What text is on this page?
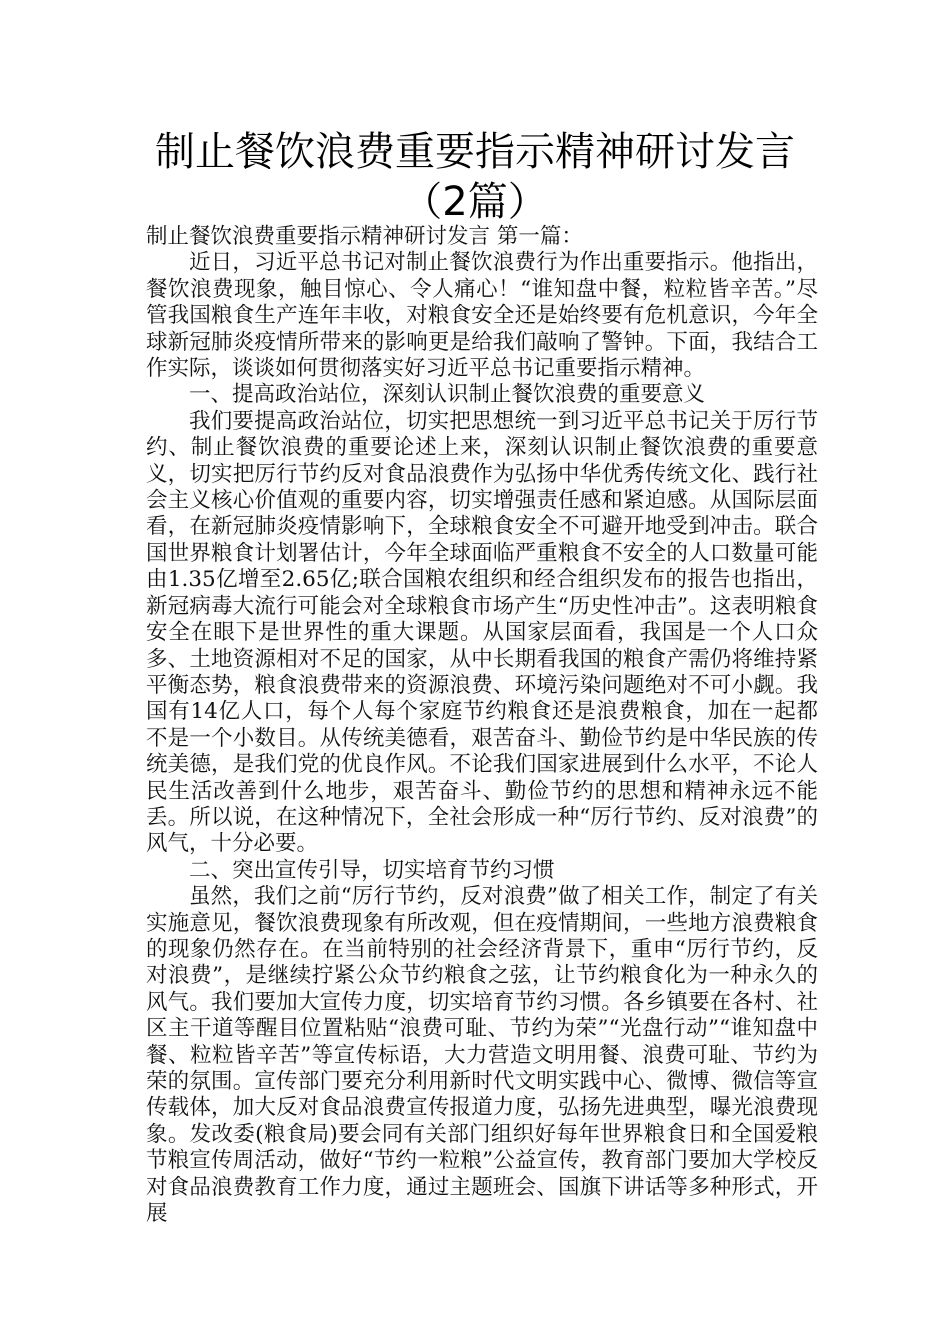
制止餐饮浪费重要指示精神研讨发言
（2篇）

制止餐饮浪费重要指示精神研讨发言 第一篇：

近日，习近平总书记对制止餐饮浪费行为作出重要指示。他指出，餐饮浪费现象，触目惊心、令人痛心！“谁知盘中餐，粒粒皆辛苦。”尽管我国粮食生产连年丰收，对粮食安全还是始终要有危机意识，今年全球新冠肺炎疫情所带来的影响更是给我们敲响了警钟。下面，我结合工作实际，谈谈如何贯彻落实好习近平总书记重要指示精神。

一、提高政治站位，深刻认识制止餐饮浪费的重要意义

我们要提高政治站位，切实把思想统一到习近平总书记关于厉行节约、制止餐饮浪费的重要论述上来，深刻认识制止餐饮浪费的重要意义，切实把厉行节约反对食品浪费作为弘扬中华优秀传统文化、践行社会主义核心价值观的重要内容，切实增强责任感和紧迫感。从国际层面看，在新冠肺炎疫情影响下，全球粮食安全不可避开地受到冲击。联合国世界粮食计划署估计，今年全球面临严重粮食不安全的人口数量可能由1.35亿增至2.65亿;联合国粮农组织和经合组织发布的报告也指出，新冠病毒大流行可能会对全球粮食市场产生“历史性冲击”。这表明粮食安全在眼下是世界性的重大课题。从国家层面看，我国是一个人口众多、土地资源相对不足的国家，从中长期看我国的粮食产需仍将维持紧平衡态势，粮食浪费带来的资源浪费、环境污染问题绝对不可小觑。我国有14亿人口，每个人每个家庭节约粮食还是浪费粮食，加在一起都不是一个小数目。从传统美德看，艰苦奋斗、勤俭节约是中华民族的传统美德，是我们党的优良作风。不论我们国家进展到什么水平，不论人民生活改善到什么地步，艰苦奋斗、勤俭节约的思想和精神永远不能丢。所以说，在这种情况下，全社会形成一种“厉行节约、反对浪费”的风气，十分必要。

二、突出宣传引导，切实培育节约习惯

虽然，我们之前“厉行节约，反对浪费”做了相关工作，制定了有关实施意见，餐饮浪费现象有所改观，但在疫情期间，一些地方浪费粮食的现象仍然存在。在当前特别的社会经济背景下，重申“厉行节约，反对浪费”，是继续拧紧公众节约粮食之弦，让节约粮食化为一种永久的风气。我们要加大宣传力度，切实培育节约习惯。各乡镇要在各村、社区主干道等醒目位置粘贴“浪费可耻、节约为荣”“光盘行动”“谁知盘中餐、粒粒皆辛苦”等宣传标语，大力营造文明用餐、浪费可耻、节约为荣的氛围。宣传部门要充分利用新时代文明实践中心、微博、微信等宣传载体，加大反对食品浪费宣传报道力度，弘扬先进典型，曝光浪费现象。发改委(粮食局)要会同有关部门组织好每年世界粮食日和全国爱粮节粮宣传周活动，做好“节约一粒粮”公益宣传，教育部门要加大学校反对食品浪费教育工作力度，通过主题班会、国旗下讲话等多种形式，开展
